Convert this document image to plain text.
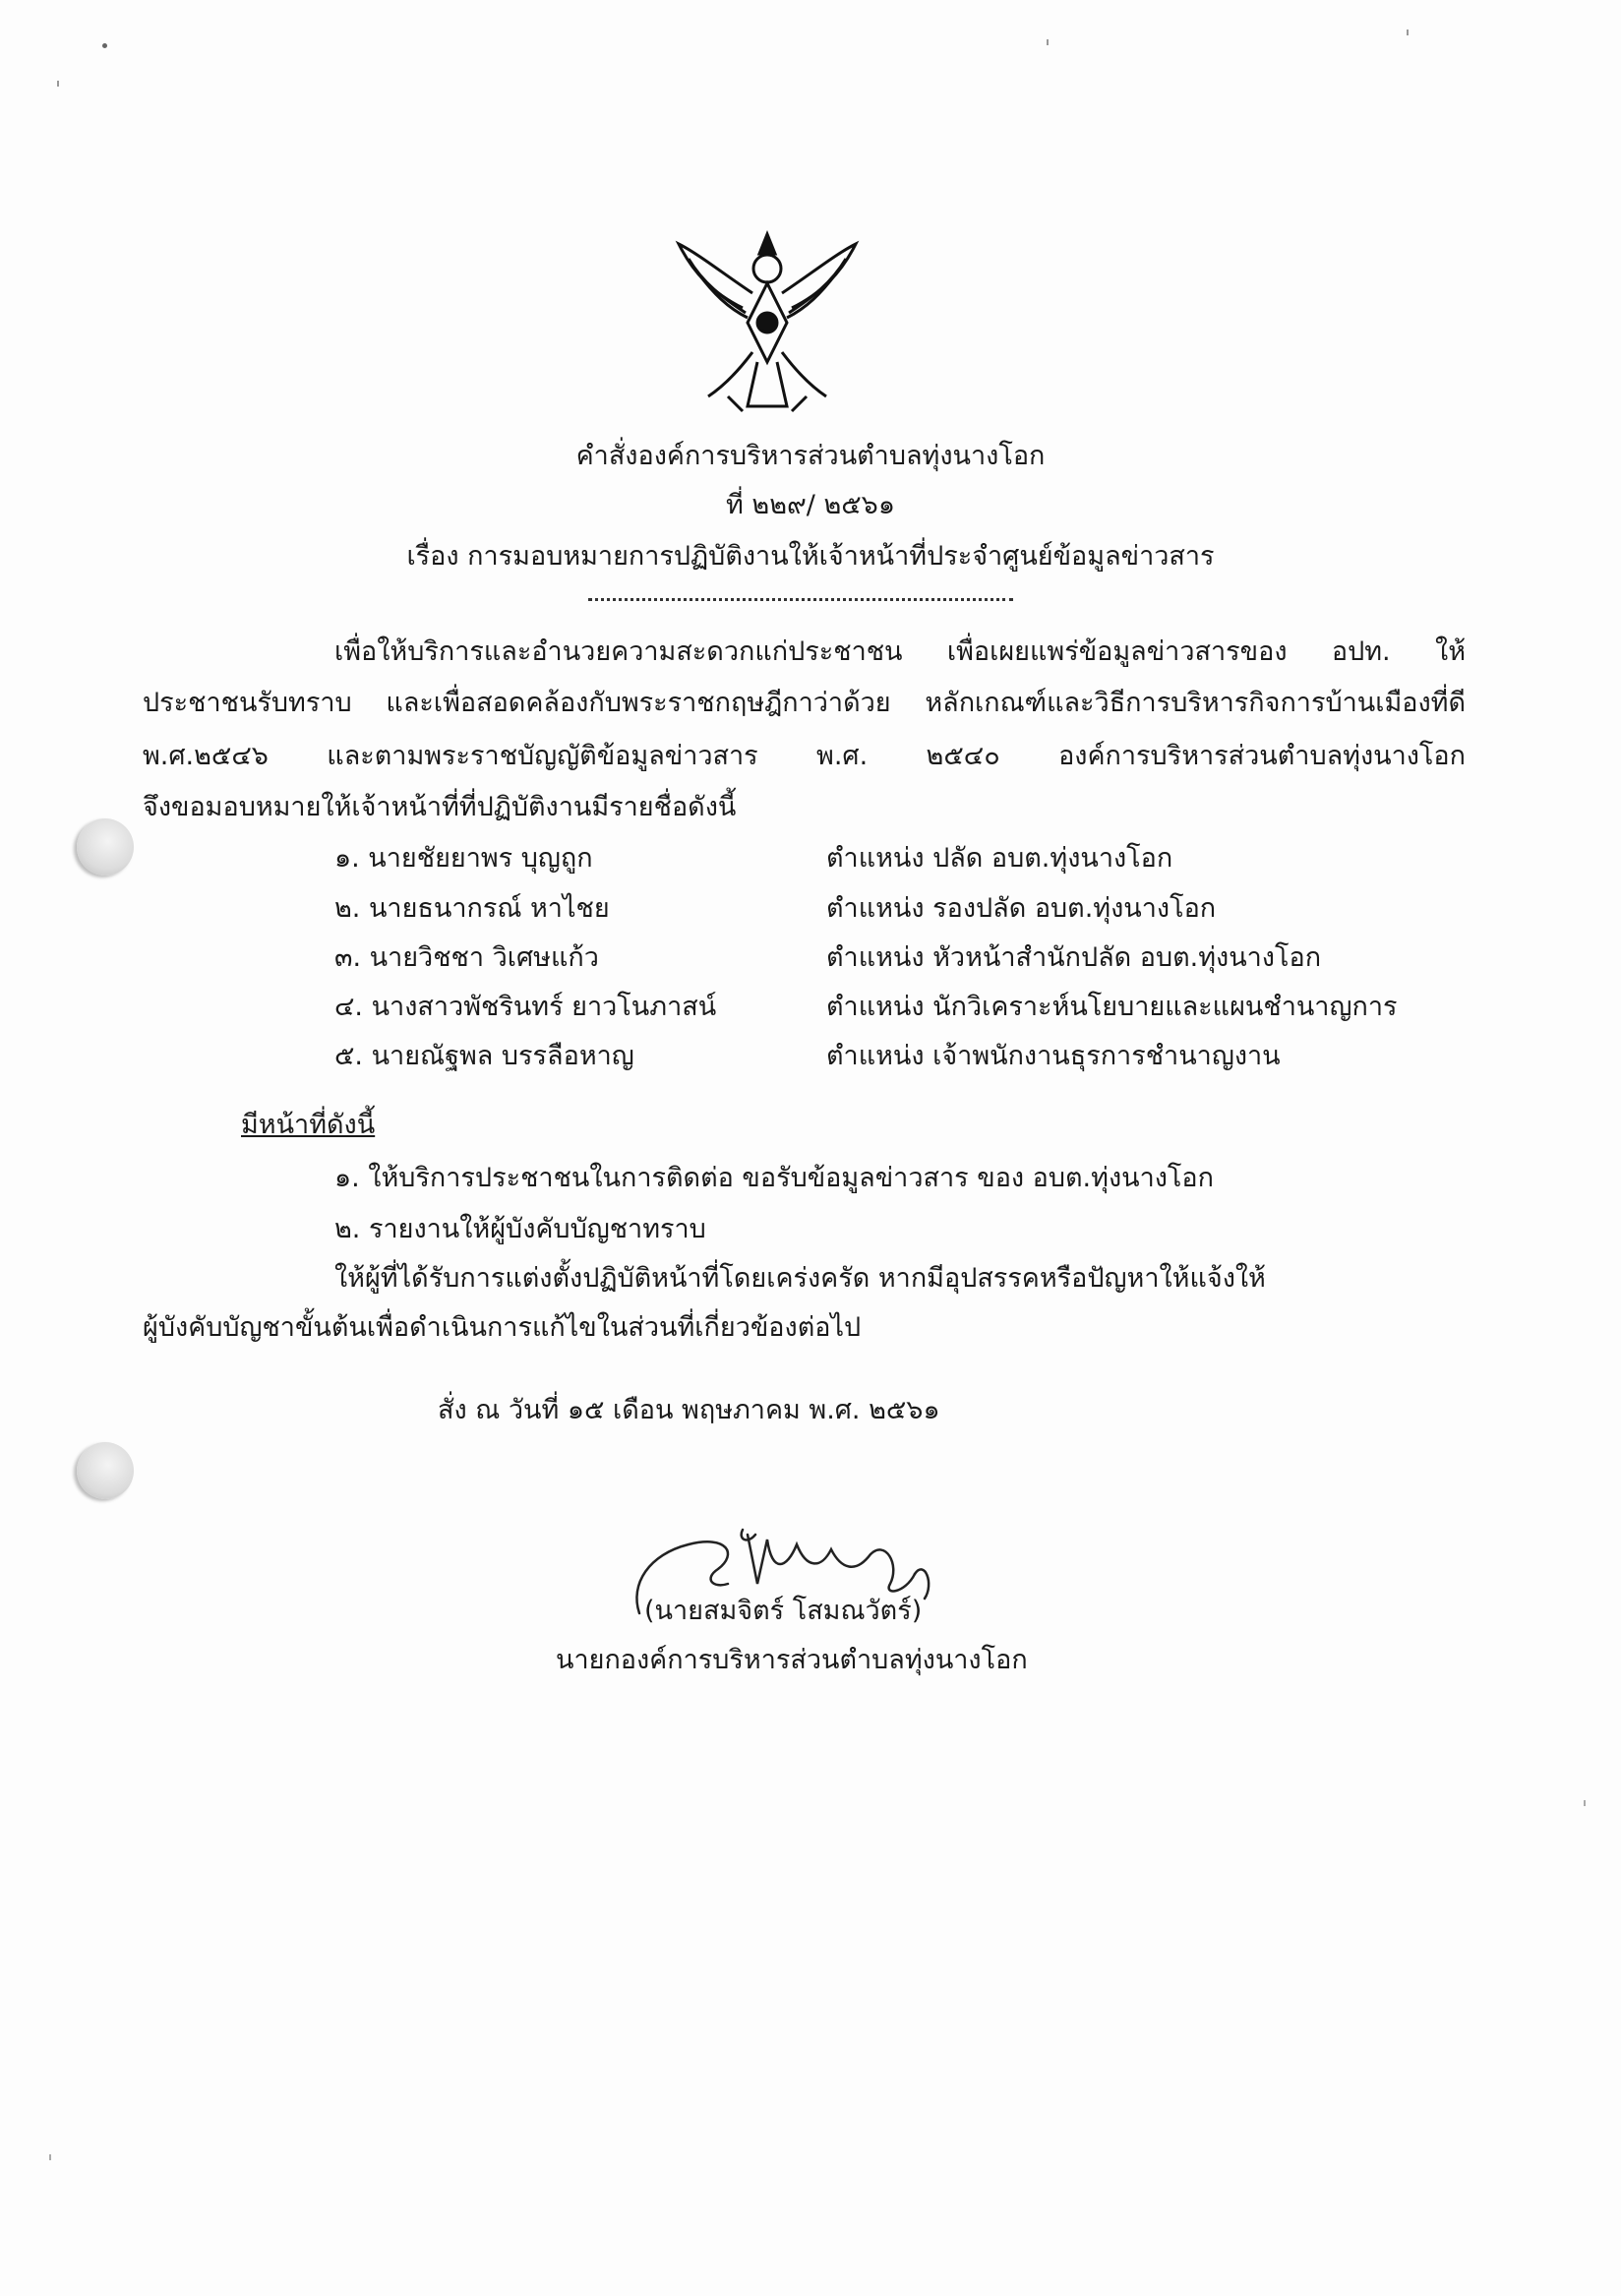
คำสั่งองค์การบริหารส่วนตำบลทุ่งนางโอก
ที่ ๒๒๙/ ๒๕๖๑
เรื่อง การมอบหมายการปฏิบัติงานให้เจ้าหน้าที่ประจำศูนย์ข้อมูลข่าวสาร
เพื่อให้บริการและอำนวยความสะดวกแก่ประชาชน เพื่อเผยแพร่ข้อมูลข่าวสารของ อปท. ให้
ประชาชนรับทราบ และเพื่อสอดคล้องกับพระราชกฤษฎีกาว่าด้วย หลักเกณฑ์และวิธีการบริหารกิจการบ้านเมืองที่ดี
พ.ศ.๒๕๔๖ และตามพระราชบัญญัติข้อมูลข่าวสาร พ.ศ. ๒๕๔๐ องค์การบริหารส่วนตำบลทุ่งนางโอก
จึงขอมอบหมายให้เจ้าหน้าที่ที่ปฏิบัติงานมีรายชื่อดังนี้
๑. นายชัยยาพร บุญถูก	ตำแหน่ง ปลัด อบต.ทุ่งนางโอก
๒. นายธนากรณ์ หาไชย	ตำแหน่ง รองปลัด อบต.ทุ่งนางโอก
๓. นายวิชชา วิเศษแก้ว	ตำแหน่ง หัวหน้าสำนักปลัด อบต.ทุ่งนางโอก
๔. นางสาวพัชรินทร์ ยาวโนภาสน์	ตำแหน่ง นักวิเคราะห์นโยบายและแผนชำนาญการ
๕. นายณัฐพล บรรลือหาญ	ตำแหน่ง เจ้าพนักงานธุรการชำนาญงาน
มีหน้าที่ดังนี้
๑. ให้บริการประชาชนในการติดต่อ ขอรับข้อมูลข่าวสาร ของ อบต.ทุ่งนางโอก
๒. รายงานให้ผู้บังคับบัญชาทราบ
ให้ผู้ที่ได้รับการแต่งตั้งปฏิบัติหน้าที่โดยเคร่งครัด หากมีอุปสรรคหรือปัญหาให้แจ้งให้
ผู้บังคับบัญชาขั้นต้นเพื่อดำเนินการแก้ไขในส่วนที่เกี่ยวข้องต่อไป
สั่ง ณ วันที่ ๑๕ เดือน พฤษภาคม พ.ศ. ๒๕๖๑
(นายสมจิตร์ โสมณวัตร์)
นายกองค์การบริหารส่วนตำบลทุ่งนางโอก
